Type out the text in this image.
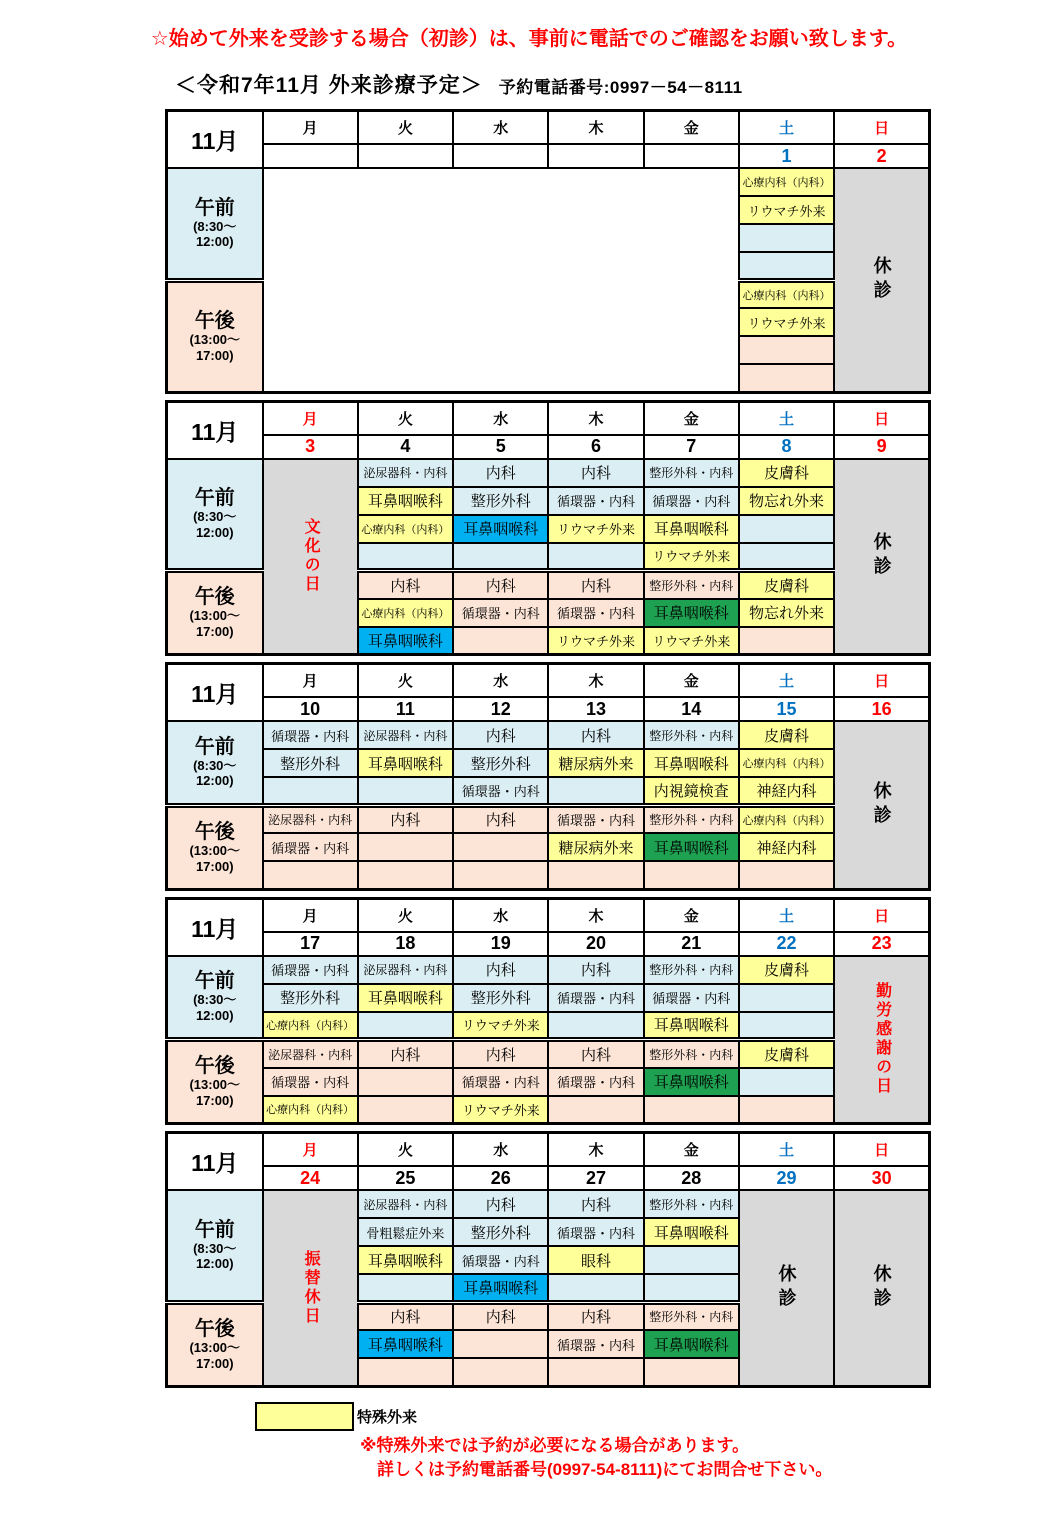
☆始めて外来を受診する場合（初診）は、事前に電話でのご確認をお願い致します。
＜令和7年11月 外来診療予定＞ 予約電話番号:0997－54－8111
11月	月	火	水	木	金	土	日
						1	2

午前
(8:30～
12:00)						心療内科（内科）	休診

						リウマチ外来	

午後
(13:00～
17:00)						心療内科（内科）	
						リウマチ外来	

11月	月	火	水	木	金	土	日
	3	4	5	6	7	8	9

午前
(8:30～
12:00)	文化の日	泌尿器科・内科	内科	内科	整形外科・内科	皮膚科	休診

		耳鼻咽喉科	整形外科	循環器・内科	循環器・内科	物忘れ外来	
		心療内科（内科）	耳鼻咽喉科	リウマチ外来	耳鼻咽喉科		
					リウマチ外来		

午後
(13:00～
17:00)		内科	内科	内科	整形外科・内科	皮膚科	
		心療内科（内科）	循環器・内科	循環器・内科	耳鼻咽喉科	物忘れ外来	
		耳鼻咽喉科		リウマチ外来	リウマチ外来		
11月	月	火	水	木	金	土	日
	10	11	12	13	14	15	16

午前
(8:30～
12:00)	循環器・内科	泌尿器科・内科	内科	内科	整形外科・内科	皮膚科	休診

	整形外科	耳鼻咽喉科	整形外科	糖尿病外来	耳鼻咽喉科	心療内科（内科）	
			循環器・内科		内視鏡検査	神経内科	

午後
(13:00～
17:00)	泌尿器科・内科	内科	内科	循環器・内科	整形外科・内科	心療内科（内科）	
	循環器・内科			糖尿病外来	耳鼻咽喉科	神経内科	

11月	月	火	水	木	金	土	日
	17	18	19	20	21	22	23

午前
(8:30～
12:00)	循環器・内科	泌尿器科・内科	内科	内科	整形外科・内科	皮膚科	勤労感謝の日

	整形外科	耳鼻咽喉科	整形外科	循環器・内科	循環器・内科		
	心療内科（内科）		リウマチ外来		耳鼻咽喉科		

午後
(13:00～
17:00)	泌尿器科・内科	内科	内科	内科	整形外科・内科	皮膚科	
	循環器・内科		循環器・内科	循環器・内科	耳鼻咽喉科		
	心療内科（内科）		リウマチ外来				
11月	月	火	水	木	金	土	日
	24	25	26	27	28	29	30

午前
(8:30～
12:00)	振替休日	泌尿器科・内科	内科	内科	整形外科・内科	休診	休診

		骨粗鬆症外来	整形外科	循環器・内科	耳鼻咽喉科		
		耳鼻咽喉科	循環器・内科	眼科			
			耳鼻咽喉科				

午後
(13:00～
17:00)		内科	内科	内科	整形外科・内科		
		耳鼻咽喉科		循環器・内科	耳鼻咽喉科		

特殊外来
※特殊外来では予約が必要になる場合があります。
詳しくは予約電話番号(0997-54-8111)にてお問合せ下さい。
